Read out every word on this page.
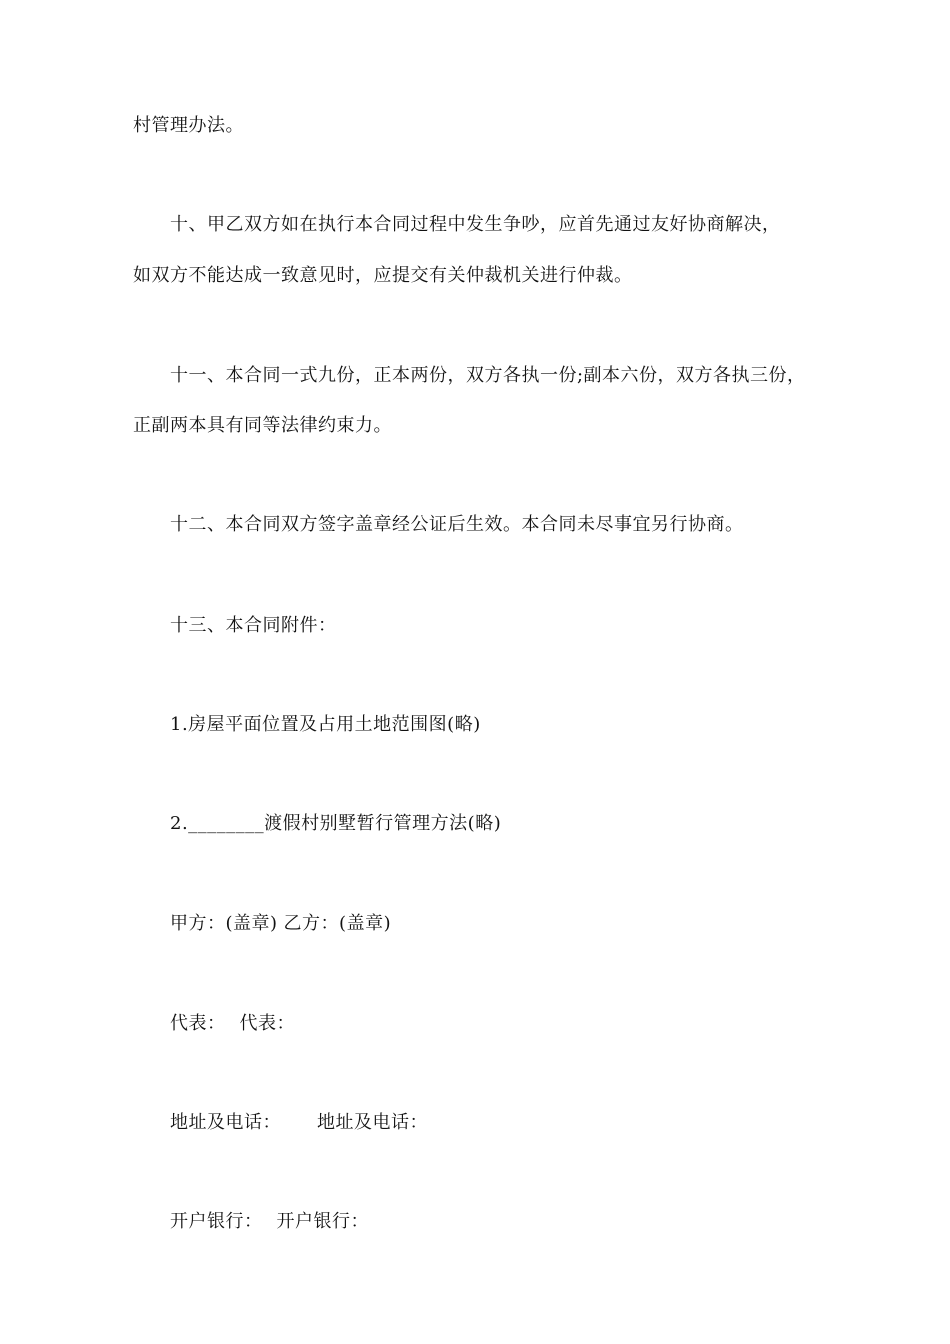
村管理办法。
十、甲乙双方如在执行本合同过程中发生争吵，应首先通过友好协商解决，
如双方不能达成一致意见时，应提交有关仲裁机关进行仲裁。
十一、本合同一式九份，正本两份，双方各执一份;副本六份，双方各执三份，
正副两本具有同等法律约束力。
十二、本合同双方签字盖章经公证后生效。本合同未尽事宜另行协商。
十三、本合同附件：
1.房屋平面位置及占用土地范围图(略)
2.________渡假村别墅暂行管理方法(略)
甲方：(盖章) 乙方：(盖章)
代表： 代表：
地址及电话： 地址及电话：
开户银行： 开户银行：
